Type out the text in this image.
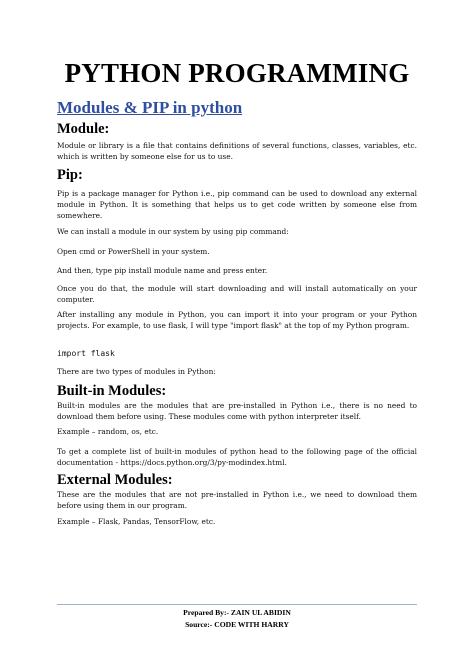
PYTHON PROGRAMMING
Modules & PIP in python
Module:
Module or library is a file that contains definitions of several functions, classes, variables, etc. which is written by someone else for us to use.
Pip:
Pip is a package manager for Python i.e., pip command can be used to download any external module in Python. It is something that helps us to get code written by someone else from somewhere.
We can install a module in our system by using pip command:
Open cmd or PowerShell in your system.
And then, type pip install module name and press enter.
Once you do that, the module will start downloading and will install automatically on your computer.
After installing any module in Python, you can import it into your program or your Python projects. For example, to use flask, I will type "import flask" at the top of my Python program.
import flask
There are two types of modules in Python:
Built-in Modules:
Built-in modules are the modules that are pre-installed in Python i.e., there is no need to download them before using. These modules come with python interpreter itself.
Example – random, os, etc.
To get a complete list of built-in modules of python head to the following page of the official documentation - https://docs.python.org/3/py-modindex.html.
External Modules:
These are the modules that are not pre-installed in Python i.e., we need to download them before using them in our program.
Example – Flask, Pandas, TensorFlow, etc.
Prepared By:- ZAIN UL ABIDIN
Source:- CODE WITH HARRY
